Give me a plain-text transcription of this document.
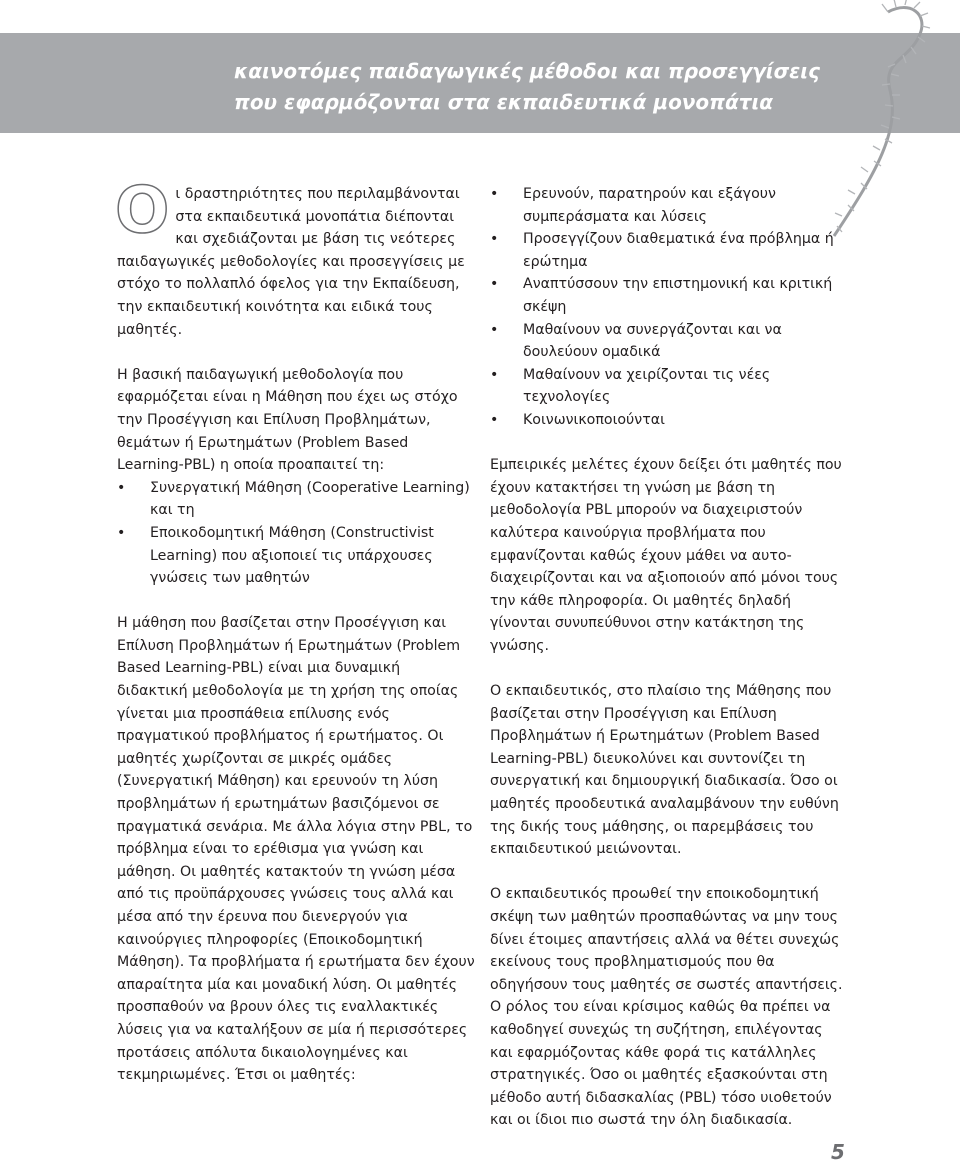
καινοτόμες παιδαγωγικές μέθοδοι και προσεγγίσεις
που εφαρμόζονται στα εκπαιδευτικά μονοπάτια

Οι δραστηριότητες που περιλαμβάνονται στα εκπαιδευτικά μονοπάτια διέπονται και σχεδιάζονται με βάση τις νεότερες παιδαγωγικές μεθοδολογίες και προσεγγίσεις με στόχο το πολλαπλό όφελος για την Εκπαίδευση, την εκπαιδευτική κοινότητα και ειδικά τους μαθητές.

Η βασική παιδαγωγική μεθοδολογία που εφαρμόζεται είναι η Μάθηση που έχει ως στόχο την Προσέγγιση και Επίλυση Προβλημάτων, θεμάτων ή Ερωτημάτων (Problem Based Learning-PBL) η οποία προαπαιτεί τη:

• Συνεργατική Μάθηση (Cooperative Learning) και τη
• Εποικοδομητική Μάθηση (Constructivist Learning) που αξιοποιεί τις υπάρχουσες γνώσεις των μαθητών

Η μάθηση που βασίζεται στην Προσέγγιση και Επίλυση Προβλημάτων ή Ερωτημάτων (Problem Based Learning-PBL) είναι μια δυναμική διδακτική μεθοδολογία με τη χρήση της οποίας γίνεται μια προσπάθεια επίλυσης ενός πραγματικού προβλήματος ή ερωτήματος. Οι μαθητές χωρίζονται σε μικρές ομάδες (Συνεργατική Μάθηση) και ερευνούν τη λύση προβλημάτων ή ερωτημάτων βασιζόμενοι σε πραγματικά σενάρια. Με άλλα λόγια στην PBL, το πρόβλημα είναι το ερέθισμα για γνώση και μάθηση. Οι μαθητές κατακτούν τη γνώση μέσα από τις προϋπάρχουσες γνώσεις τους αλλά και μέσα από την έρευνα που διενεργούν για καινούργιες πληροφορίες (Εποικοδομητική Μάθηση). Τα προβλήματα ή ερωτήματα δεν έχουν απαραίτητα μία και μοναδική λύση. Οι μαθητές προσπαθούν να βρουν όλες τις εναλλακτικές λύσεις για να καταλήξουν σε μία ή περισσότερες προτάσεις απόλυτα δικαιολογημένες και τεκμηριωμένες. Έτσι οι μαθητές:

• Ερευνούν, παρατηρούν και εξάγουν συμπεράσματα και λύσεις
• Προσεγγίζουν διαθεματικά ένα πρόβλημα ή ερώτημα
• Αναπτύσσουν την επιστημονική και κριτική σκέψη
• Μαθαίνουν να συνεργάζονται και να δουλεύουν ομαδικά
• Μαθαίνουν να χειρίζονται τις νέες τεχνολογίες
• Κοινωνικοποιούνται

Εμπειρικές μελέτες έχουν δείξει ότι μαθητές που έχουν κατακτήσει τη γνώση με βάση τη μεθοδολογία PBL μπορούν να διαχειριστούν καλύτερα καινούργια προβλήματα που εμφανίζονται καθώς έχουν μάθει να αυτο-διαχειρίζονται και να αξιοποιούν από μόνοι τους την κάθε πληροφορία. Οι μαθητές δηλαδή γίνονται συνυπεύθυνοι στην κατάκτηση της γνώσης.

Ο εκπαιδευτικός, στο πλαίσιο της Μάθησης που βασίζεται στην Προσέγγιση και Επίλυση Προβλημάτων ή Ερωτημάτων (Problem Based Learning-PBL) διευκολύνει και συντονίζει τη συνεργατική και δημιουργική διαδικασία. Όσο οι μαθητές προοδευτικά αναλαμβάνουν την ευθύνη της δικής τους μάθησης, οι παρεμβάσεις του εκπαιδευτικού μειώνονται.

Ο εκπαιδευτικός προωθεί την εποικοδομητική σκέψη των μαθητών προσπαθώντας να μην τους δίνει έτοιμες απαντήσεις αλλά να θέτει συνεχώς εκείνους τους προβληματισμούς που θα οδηγήσουν τους μαθητές σε σωστές απαντήσεις. Ο ρόλος του είναι κρίσιμος καθώς θα πρέπει να καθοδηγεί συνεχώς τη συζήτηση, επιλέγοντας και εφαρμόζοντας κάθε φορά τις κατάλληλες στρατηγικές. Όσο οι μαθητές εξασκούνται στη μέθοδο αυτή διδασκαλίας (PBL) τόσο υιοθετούν και οι ίδιοι πιο σωστά την όλη διαδικασία.

5
